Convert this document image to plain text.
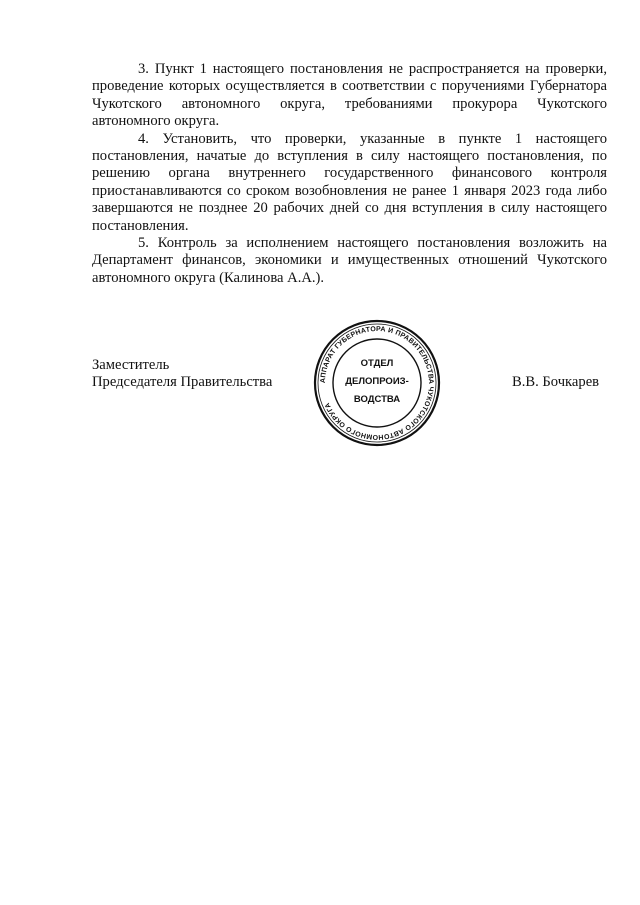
3. Пункт 1 настоящего постановления не распространяется на проверки, проведение которых осуществляется в соответствии с поручениями Губернатора Чукотского автономного округа, требованиями прокурора Чукотского автономного округа.

4. Установить, что проверки, указанные в пункте 1 настоящего постановления, начатые до вступления в силу настоящего постановления, по решению органа внутреннего государственного финансового контроля приостанавливаются со сроком возобновления не ранее 1 января 2023 года либо завершаются не позднее 20 рабочих дней со дня вступления в силу настоящего постановления.

5. Контроль за исполнением настоящего постановления возложить на Департамент финансов, экономики и имущественных отношений Чукотского автономного округа (Калинова А.А.).

Заместитель
Председателя Правительства	В.В. Бочкарев
АППАРАТ ГУБЕРНАТОРА И ПРАВИТЕЛЬСТВА ЧУКОТСКОГО АВТОНОМНОГО ОКРУГА
ОТДЕЛ
ДЕЛОПРОИЗ-
ВОДСТВА
